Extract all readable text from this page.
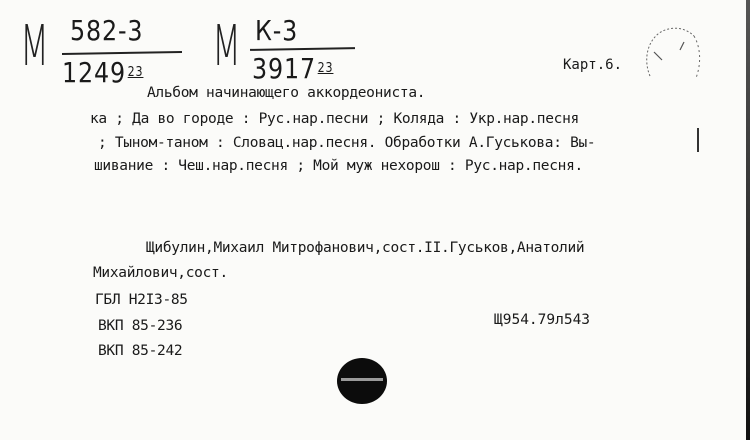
М 582-3
1249 $^{23}$ М К-3
3917 $^{23}$	Карт.6.
Альбом начинающего аккордеониста.
ка ; Да во городе : Рус.нар.песни ; Коляда : Укр.нар.песня
; Тыном-таном : Словац.нар.песня. Обработки А.Гуськова: Вы-
шивание : Чеш.нар.песня ; Мой муж нехорош : Рус.нар.песня.
Щибулин,Михаил Митрофанович,сост.II.Гуськов,Анатолий
Михайлович,сост.
ГБЛ Н2I3-85
ВКП 85-236
ВКП 85-242
Щ954.79л543
